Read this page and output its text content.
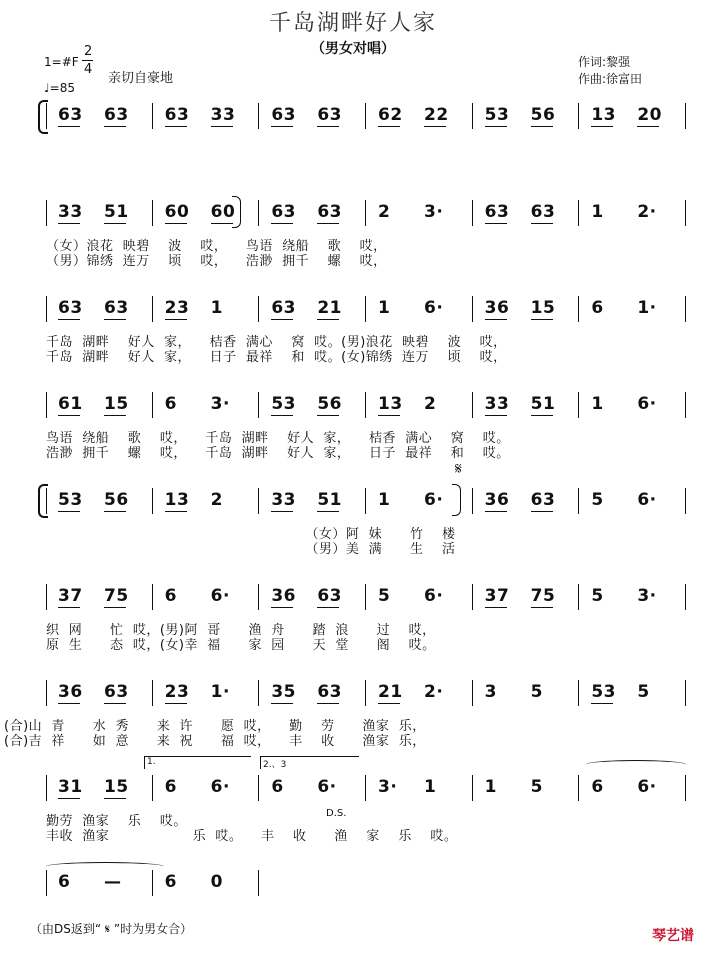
千岛湖畔好人家
（男女对唱）
1=#F
2
4
亲切自豪地
♩=85
作词:黎强
作曲:徐富田
63 63 63 33 63 63 62 22 53 56 13 20
33 51 60 60 63 63 2 3· 63 63 1 2·
63 63 23 1	63 21 1 6· 36 15 6 1·
61 15 6 3· 53 56 13 2	33 51 1 6·
53 56 13 2	33 51 1 6· 36 63 5 6·
37 75 6 6· 36 63 5 6· 37 75 5 3·
36 63 23 1· 35 63 21 2· 3 5	53 5
31 15 6 6· 6 6· 3· 1	1 5	6 6·
6 —	6 0
D.S.
𝄋
（由DS返到“ 𝄋 ”时为男女合）	琴艺谱
（女）浪花  映碧    波    哎，    鸟语  绕船    歌    哎，
（男）锦绣  连万    顷    哎，    浩渺  拥千    螺    哎，
千岛  湖畔    好人  家，    桔香  满心    窝  哎。(男)浪花  映碧    波    哎，
千岛  湖畔    好人  家，    日子  最祥    和  哎。(女)锦绣  连万    顷    哎，
鸟语  绕船    歌    哎，    千岛  湖畔    好人  家，    桔香  满心    窝    哎。
浩渺  拥千    螺    哎，    千岛  湖畔    好人  家，    日子  最祥    和    哎。
（女）阿  妹      竹    楼
（男）美  满      生    活
织  网      忙  哎，(男)阿  哥      渔  舟      踏  浪      过    哎，
原  生      态  哎，(女)幸  福      家  园      天  堂      阁    哎。
(合)山  青      水  秀      来  许      愿  哎，    勤    劳      渔家  乐，
(合)吉  祥      如  意      来  祝      福  哎，    丰    收      渔家  乐，
勤劳  渔家    乐    哎。
丰收  渔家                  乐  哎。    丰    收      渔    家    乐    哎。
1.	2.、3
